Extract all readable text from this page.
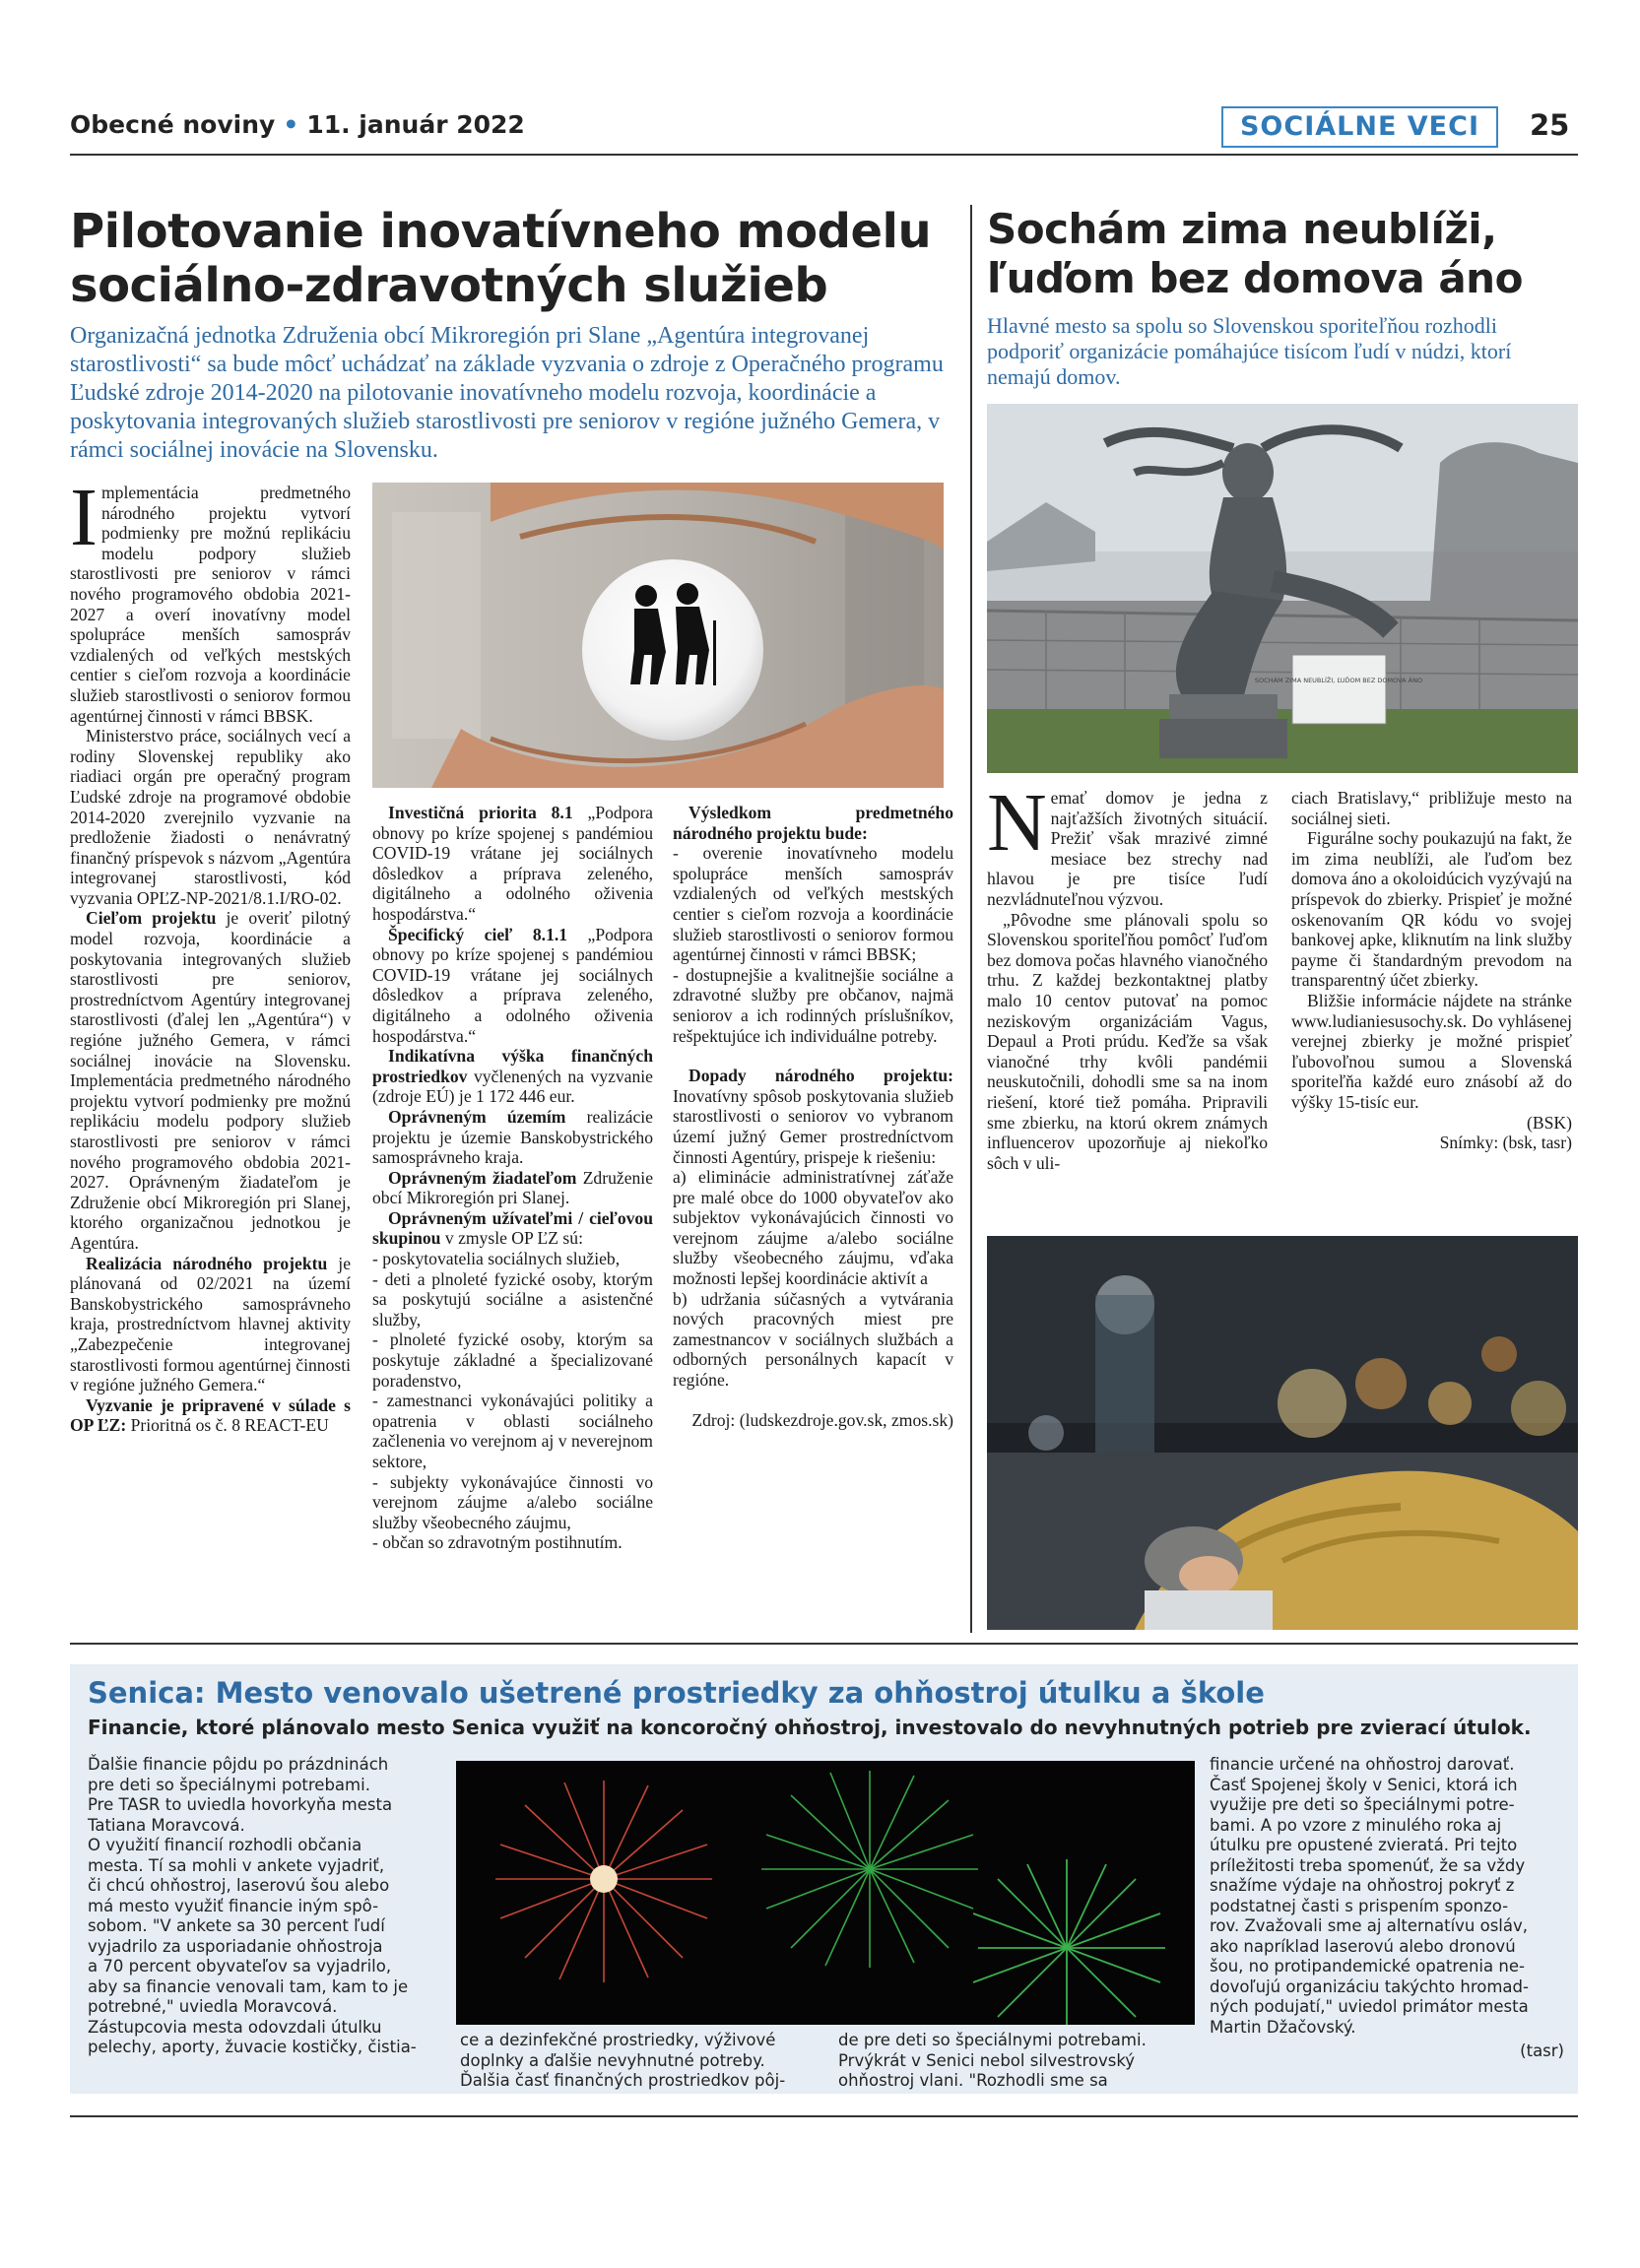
Obecné noviny • 11. január 2022	SOCIÁLNE VECI	25
Pilotovanie inovatívneho modelu
sociálno-zdravotných služieb

Organizačná jednotka Združenia obcí Mikroregión pri Slane „Agentúra integrovanej starostlivosti“ sa bude môcť uchádzať na základe vyzvania o zdroje z Operačného programu Ľudské zdroje 2014-2020 na pilotovanie inovatívneho modelu rozvoja, koordinácie a poskytovania integrovaných služieb starostlivosti pre seniorov v regióne južného Gemera, v rámci sociálnej inovácie na Slovensku.

Implementácia predmetného národného projektu vytvorí podmienky pre možnú replikáciu modelu podpory služieb starostlivosti pre seniorov v rámci nového programového obdobia 2021-2027 a overí inovatívny model spolupráce menších samospráv vzdialených od veľkých mestských centier s cieľom rozvoja a koordinácie služieb starostlivosti o seniorov formou agentúrnej činnosti v rámci BBSK.

Ministerstvo práce, sociálnych vecí a rodiny Slovenskej republiky ako riadiaci orgán pre operačný program Ľudské zdroje na programové obdobie 2014-2020 zverejnilo vyzvanie na predloženie žiadosti o nenávratný finančný príspevok s názvom „Agentúra integrovanej starostlivosti, kód vyzvania OPĽZ-NP-2021/8.1.I/RO-02.

Cieľom projektu je overiť pilotný model rozvoja, koordinácie a poskytovania integrovaných služieb starostlivosti pre seniorov, prostredníctvom Agentúry integrovanej starostlivosti (ďalej len „Agentúra“) v regióne južného Gemera, v rámci sociálnej inovácie na Slovensku. Implementácia predmetného národného projektu vytvorí podmienky pre možnú replikáciu modelu podpory služieb starostlivosti pre seniorov v rámci nového programového obdobia 2021-2027. Oprávneným žiadateľom je Združenie obcí Mikroregión pri Slanej, ktorého organizačnou jednotkou je Agentúra.

Realizácia národného projektu je plánovaná od 02/2021 na území Banskobystrického samosprávneho kraja, prostredníctvom hlavnej aktivity „Zabezpečenie integrovanej starostlivosti formou agentúrnej činnosti v regióne južného Gemera.“

Vyzvanie je pripravené v súlade s OP ĽZ: Prioritná os č. 8 REACT-EU

Investičná priorita 8.1 „Podpora obnovy po kríze spojenej s pandémiou COVID-19 vrátane jej sociálnych dôsledkov a príprava zeleného, digitálneho a odolného oživenia hospodárstva.“

Špecifický cieľ 8.1.1 „Podpora obnovy po kríze spojenej s pandémiou COVID-19 vrátane jej sociálnych dôsledkov a príprava zeleného, digitálneho a odolného oživenia hospodárstva.“

Indikatívna výška finančných prostriedkov vyčlenených na vyzvanie (zdroje EÚ) je 1 172 446 eur.

Oprávneným územím realizácie projektu je územie Banskobystrického samosprávneho kraja.

Oprávneným žiadateľom Združenie obcí Mikroregión pri Slanej.

Oprávneným užívateľmi / cieľovou skupinou v zmysle OP ĽZ sú:

- poskytovatelia sociálnych služieb,

- deti a plnoleté fyzické osoby, ktorým sa poskytujú sociálne a asistenčné služby,

- plnoleté fyzické osoby, ktorým sa poskytuje základné a špecializované poradenstvo,

- zamestnanci vykonávajúci politiky a opatrenia v oblasti sociálneho začlenenia vo verejnom aj v neverejnom sektore,

- subjekty vykonávajúce činnosti vo verejnom záujme a/alebo sociálne služby všeobecného záujmu,

- občan so zdravotným postihnutím.

Výsledkom predmetného národného projektu bude:

- overenie inovatívneho modelu spolupráce menších samospráv vzdialených od veľkých mestských centier s cieľom rozvoja a koordinácie služieb starostlivosti o seniorov formou agentúrnej činnosti v rámci BBSK;

- dostupnejšie a kvalitnejšie sociálne a zdravotné služby pre občanov, najmä seniorov a ich rodinných príslušníkov, rešpektujúce ich individuálne potreby.

Dopady národného projektu: Inovatívny spôsob poskytovania služieb starostlivosti o seniorov vo vybranom území južný Gemer prostredníctvom činnosti Agentúry, prispeje k riešeniu:

a) eliminácie administratívnej záťaže pre malé obce do 1000 obyvateľov ako subjektov vykonávajúcich činnosti vo verejnom záujme a/alebo sociálne služby všeobecného záujmu, vďaka možnosti lepšej koordinácie aktivít a

b) udržania súčasných a vytvárania nových pracovných miest pre zamestnancov v sociálnych službách a odborných personálnych kapacít v regióne.

Zdroj: (ludskezdroje.gov.sk, zmos.sk)

Sochám zima neublíži,
ľuďom bez domova áno

Hlavné mesto sa spolu so Slovenskou sporiteľňou rozhodli podporiť organizácie pomáhajúce tisícom ľudí v núdzi, ktorí nemajú domov.

SOCHÁM ZIMA NEUBLÍŽI, ĽUĎOM BEZ DOMOVA ÁNO

Nemať domov je jedna z najťažších životných situácií. Prežiť však mrazivé zimné mesiace bez strechy nad hlavou je pre tisíce ľudí nezvládnuteľnou výzvou.

„Pôvodne sme plánovali spolu so Slovenskou sporiteľňou pomôcť ľuďom bez domova počas hlavného vianočného trhu. Z každej bezkontaktnej platby malo 10 centov putovať na pomoc neziskovým organizáciám Vagus, Depaul a Proti prúdu. Keďže sa však vianočné trhy kvôli pandémii neuskutočnili, dohodli sme sa na inom riešení, ktoré tiež pomáha. Pripravili sme zbierku, na ktorú okrem známych influencerov upozorňuje aj niekoľko sôch v uli-

ciach Bratislavy,“ približuje mesto na sociálnej sieti.

Figurálne sochy poukazujú na fakt, že im zima neublíži, ale ľuďom bez domova áno a okoloidúcich vyzývajú na príspevok do zbierky. Prispieť je možné oskenovaním QR kódu vo svojej bankovej apke, kliknutím na link služby payme či štandardným prevodom na transparentný účet zbierky.

Bližšie informácie nájdete na stránke www.ludianiesusochy.sk. Do vyhlásenej verejnej zbierky je možné prispieť ľubovoľnou sumou a Slovenská sporiteľňa každé euro znásobí až do výšky 15-tisíc eur.

(BSK)

Snímky: (bsk, tasr)

Senica: Mesto venovalo ušetrené prostriedky za ohňostroj útulku a škole
Financie, ktoré plánovalo mesto Senica využiť na koncoročný ohňostroj, investovalo do nevyhnutných potrieb pre zvierací útulok.

Ďalšie financie pôjdu po prázdninách

pre deti so špeciálnymi potrebami.

Pre TASR to uviedla hovorkyňa mesta

Tatiana Moravcová.

O využití financií rozhodli občania

mesta. Tí sa mohli v ankete vyjadriť,

či chcú ohňostroj, laserovú šou alebo

má mesto využiť financie iným spô-

sobom. "V ankete sa 30 percent ľudí

vyjadrilo za usporiadanie ohňostroja

a 70 percent obyvateľov sa vyjadrilo,

aby sa financie venovali tam, kam to je

potrebné," uviedla Moravcová.

Zástupcovia mesta odovzdali útulku

pelechy, aporty, žuvacie kostičky, čistia-	ce a dezinfekčné prostriedky, výživové

doplnky a ďalšie nevyhnutné potreby.

Ďalšia časť finančných prostriedkov pôj-

de pre deti so špeciálnymi potrebami.

Prvýkrát v Senici nebol silvestrovský

ohňostroj vlani. "Rozhodli sme sa

financie určené na ohňostroj darovať.

Časť Spojenej školy v Senici, ktorá ich

využije pre deti so špeciálnymi potre-

bami. A po vzore z minulého roka aj

útulku pre opustené zvieratá. Pri tejto

príležitosti treba spomenúť, že sa vždy

snažíme výdaje na ohňostroj pokryť z

podstatnej časti s prispením sponzo-

rov. Zvažovali sme aj alternatívu osláv,

ako napríklad laserovú alebo dronovú

šou, no protipandemické opatrenia ne-

dovoľujú organizáciu takýchto hromad-

ných podujatí," uviedol primátor mesta

Martin Džačovský.

(tasr)
